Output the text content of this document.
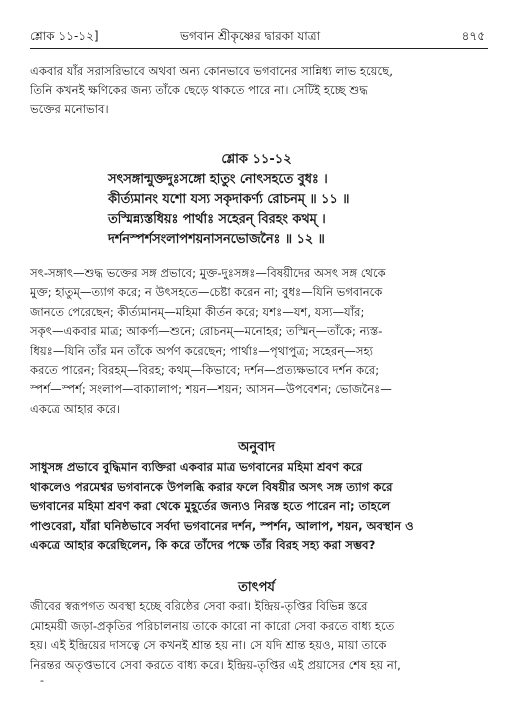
শ্লোক ১১-১২]	ভগবান শ্রীকৃষ্ণের দ্বারকা যাত্রা	৪৭৫
একবার যাঁর সরাসরিভাবে অথবা অন্য কোনভাবে ভগবানের সান্নিধ্য লাভ হয়েছে,
তিনি কখনই ক্ষণিকের জন্য তাঁকে ছেড়ে থাকতে পারে না। সেটিই হচ্ছে শুদ্ধ
ভক্তের মনোভাব।
শ্লোক ১১-১২
সৎসঙ্গান্মুক্তদুঃসঙ্গো হাতুং নোৎসহতে বুধঃ ।
কীর্ত্যমানং যশো যস্য সকৃদাকর্ণ্য রোচনম্ ॥ ১১ ॥
তস্মিন্ন্যস্তধিয়ঃ পার্থাঃ সহেরন্ বিরহং কথম্ ।
দর্শনস্পর্শসংলাপশয়নাসনভোজনৈঃ ॥ ১২ ॥
সৎ-সঙ্গাৎ—শুদ্ধ ভক্তের সঙ্গ প্রভাবে; মুক্ত-দুঃসঙ্গঃ—বিষয়ীদের অসৎ সঙ্গ থেকে
মুক্ত; হাতুম্—ত্যাগ করে; ন উৎসহতে—চেষ্টা করেন না; বুধঃ—যিনি ভগবানকে
জানতে পেরেছেন; কীর্ত্যমানম্—মহিমা কীর্তন করে; যশঃ—যশ, যস্য—যাঁর;
সকৃৎ—একবার মাত্র; আকর্ণ্য—শুনে; রোচনম্—মনোহর; তস্মিন্—তাঁকে; ন্যস্ত-
ধিয়ঃ—যিনি তাঁর মন তাঁকে অর্পণ করেছেন; পার্থাঃ—পৃথাপুত্র; সহেরন্—সহ্য
করতে পারেন; বিরহম্—বিরহ; কথম্—কিভাবে; দর্শন—প্রত্যক্ষভাবে দর্শন করে;
স্পর্শ—স্পর্শ; সংলাপ—বাক্যালাপ; শয়ন—শয়ন; আসন—উপবেশন; ভোজনৈঃ—
একত্রে আহার করে।
অনুবাদ
সাধুসঙ্গ প্রভাবে বুদ্ধিমান ব্যক্তিরা একবার মাত্র ভগবানের মহিমা শ্রবণ করে
থাকলেও পরমেশ্বর ভগবানকে উপলব্ধি করার ফলে বিষয়ীর অসৎ সঙ্গ ত্যাগ করে
ভগবানের মহিমা শ্রবণ করা থেকে মুহূর্তের জন্যও নিরস্ত হতে পারেন না; তাহলে
পাণ্ডবেরা, যাঁরা ঘনিষ্ঠভাবে সর্বদা ভগবানের দর্শন, স্পর্শন, আলাপ, শয়ন, অবস্থান ও
একত্রে আহার করেছিলেন, কি করে তাঁদের পক্ষে তাঁর বিরহ সহ্য করা সম্ভব?
তাৎপর্য
জীবের স্বরূপগত অবস্থা হচ্ছে বরিষ্ঠের সেবা করা। ইন্দ্রিয়-তৃপ্তির বিভিন্ন স্তরে
মোহময়ী জড়া-প্রকৃতির পরিচালনায় তাকে কারো না কারো সেবা করতে বাধ্য হতে
হয়। এই ইন্দ্রিয়ের দাসত্বে সে কখনই শ্রান্ত হয় না। সে যদি শ্রান্ত হয়ও, মায়া তাকে
নিরন্তর অতৃপ্তভাবে সেবা করতে বাধ্য করে। ইন্দ্রিয়-তৃপ্তির এই প্রয়াসের শেষ হয় না,
-
